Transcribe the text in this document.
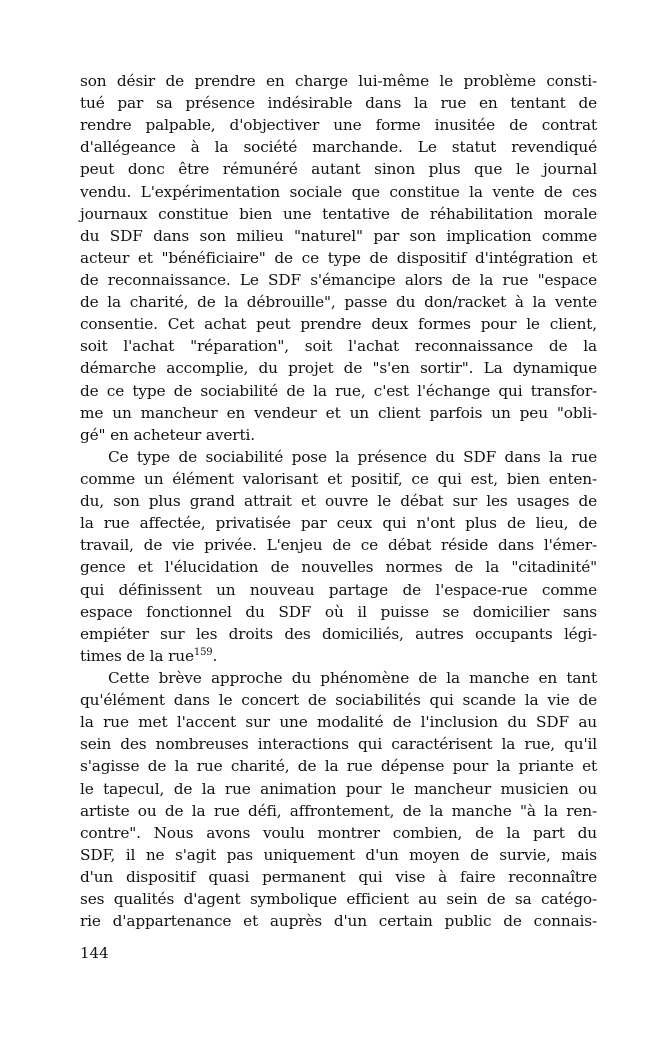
son désir de prendre en charge lui-même le problème consti-
tué par sa présence indésirable dans la rue en tentant de
rendre palpable, d'objectiver une forme inusitée de contrat
d'allégeance à la société marchande. Le statut revendiqué
peut donc être rémunéré autant sinon plus que le journal
vendu. L'expérimentation sociale que constitue la vente de ces
journaux constitue bien une tentative de réhabilitation morale
du SDF dans son milieu "naturel" par son implication comme
acteur et "bénéficiaire" de ce type de dispositif d'intégration et
de reconnaissance. Le SDF s'émancipe alors de la rue "espace
de la charité, de la débrouille", passe du don/racket à la vente
consentie. Cet achat peut prendre deux formes pour le client,
soit l'achat "réparation", soit l'achat reconnaissance de la
démarche accomplie, du projet de "s'en sortir". La dynamique
de ce type de sociabilité de la rue, c'est l'échange qui transfor-
me un mancheur en vendeur et un client parfois un peu "obli-
gé" en acheteur averti.
Ce type de sociabilité pose la présence du SDF dans la rue
comme un élément valorisant et positif, ce qui est, bien enten-
du, son plus grand attrait et ouvre le débat sur les usages de
la rue affectée, privatisée par ceux qui n'ont plus de lieu, de
travail, de vie privée. L'enjeu de ce débat réside dans l'émer-
gence et l'élucidation de nouvelles normes de la "citadinité"
qui définissent un nouveau partage de l'espace-rue comme
espace fonctionnel du SDF où il puisse se domicilier sans
empiéter sur les droits des domiciliés, autres occupants légi-
times de la rue$^{159}$.
Cette brève approche du phénomène de la manche en tant
qu'élément dans le concert de sociabilités qui scande la vie de
la rue met l'accent sur une modalité de l'inclusion du SDF au
sein des nombreuses interactions qui caractérisent la rue, qu'il
s'agisse de la rue charité, de la rue dépense pour la priante et
le tapecul, de la rue animation pour le mancheur musicien ou
artiste ou de la rue défi, affrontement, de la manche "à la ren-
contre". Nous avons voulu montrer combien, de la part du
SDF, il ne s'agit pas uniquement d'un moyen de survie, mais
d'un dispositif quasi permanent qui vise à faire reconnaître
ses qualités d'agent symbolique efficient au sein de sa catégo-
rie d'appartenance et auprès d'un certain public de connais-
144
